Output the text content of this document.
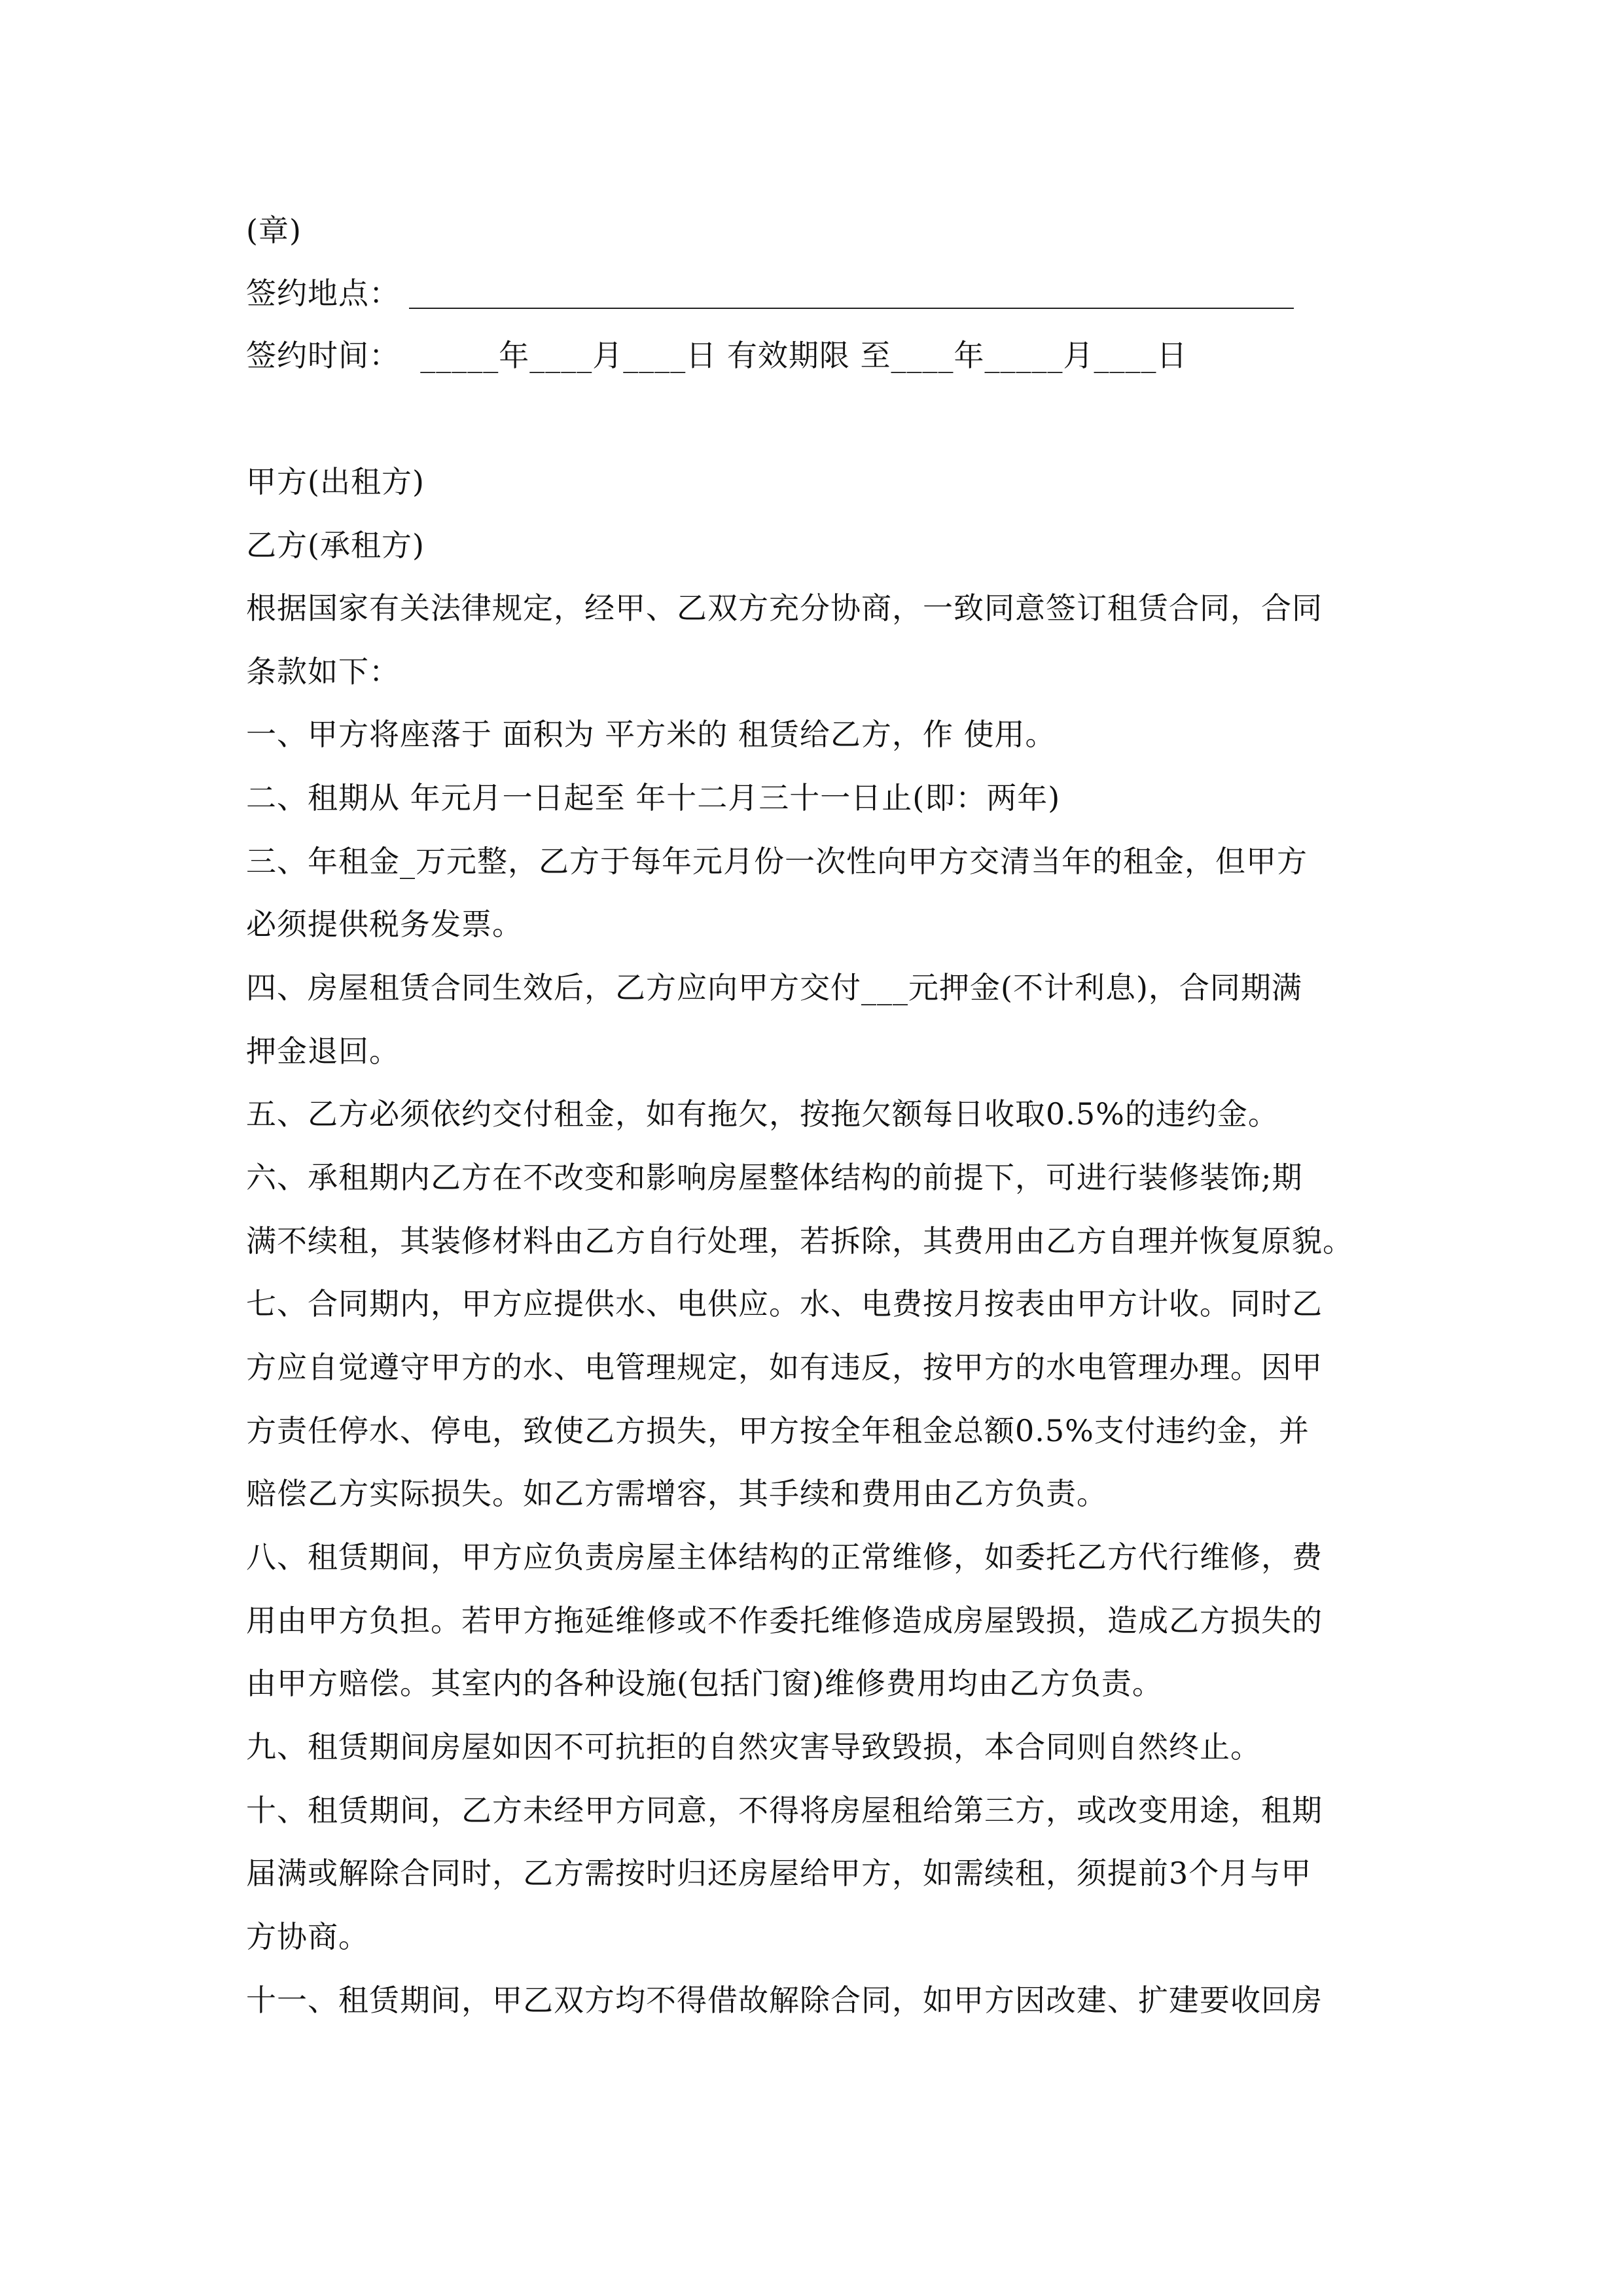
(章)
签约地点：
签约时间：  _____年____月____日 有效期限 至____年_____月____日
甲方(出租方)
乙方(承租方)
根据国家有关法律规定，经甲、乙双方充分协商，一致同意签订租赁合同，合同
条款如下：
一、甲方将座落于 面积为 平方米的 租赁给乙方，作 使用。
二、租期从 年元月一日起至 年十二月三十一日止(即：两年)
三、年租金_万元整，乙方于每年元月份一次性向甲方交清当年的租金，但甲方
必须提供税务发票。
四、房屋租赁合同生效后，乙方应向甲方交付___元押金(不计利息)，合同期满
押金退回。
五、乙方必须依约交付租金，如有拖欠，按拖欠额每日收取0.5%的违约金。
六、承租期内乙方在不改变和影响房屋整体结构的前提下，可进行装修装饰;期
满不续租，其装修材料由乙方自行处理，若拆除，其费用由乙方自理并恢复原貌。
七、合同期内，甲方应提供水、电供应。水、电费按月按表由甲方计收。同时乙
方应自觉遵守甲方的水、电管理规定，如有违反，按甲方的水电管理办理。因甲
方责任停水、停电，致使乙方损失，甲方按全年租金总额0.5%支付违约金，并
赔偿乙方实际损失。如乙方需增容，其手续和费用由乙方负责。
八、租赁期间，甲方应负责房屋主体结构的正常维修，如委托乙方代行维修，费
用由甲方负担。若甲方拖延维修或不作委托维修造成房屋毁损，造成乙方损失的
由甲方赔偿。其室内的各种设施(包括门窗)维修费用均由乙方负责。
九、租赁期间房屋如因不可抗拒的自然灾害导致毁损，本合同则自然终止。
十、租赁期间，乙方未经甲方同意，不得将房屋租给第三方，或改变用途，租期
届满或解除合同时，乙方需按时归还房屋给甲方，如需续租，须提前3个月与甲
方协商。
十一、租赁期间，甲乙双方均不得借故解除合同，如甲方因改建、扩建要收回房
